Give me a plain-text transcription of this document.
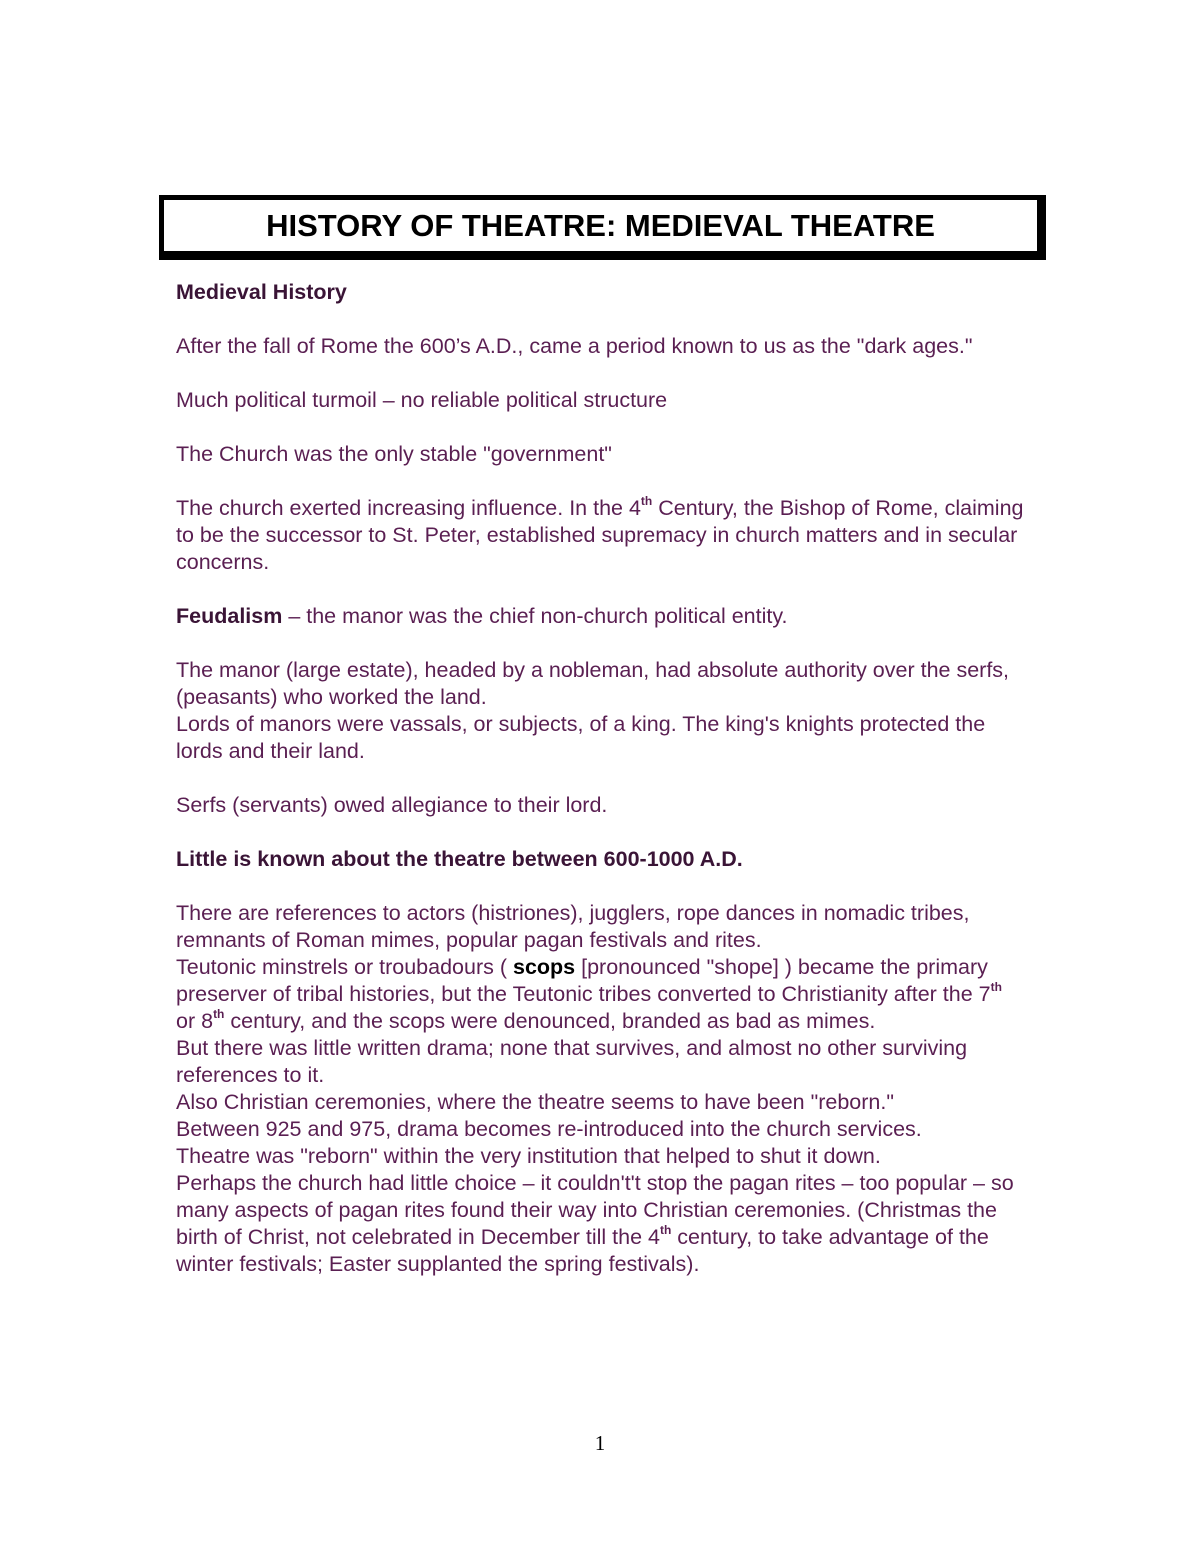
HISTORY OF THEATRE: MEDIEVAL THEATRE

Medieval History

After the fall of Rome the 600’s A.D., came a period known to us as the "dark ages."

Much political turmoil – no reliable political structure

The Church was the only stable "government"

The church exerted increasing influence. In the 4th Century, the Bishop of Rome, claiming to be the successor to St. Peter, established supremacy in church matters and in secular concerns.

Feudalism – the manor was the chief non-church political entity.

The manor (large estate), headed by a nobleman, had absolute authority over the serfs, (peasants) who worked the land.

Lords of manors were vassals, or subjects, of a king. The king's knights protected the lords and their land.

Serfs (servants) owed allegiance to their lord.

Little is known about the theatre between 600-1000 A.D.

There are references to actors (histriones), jugglers, rope dances in nomadic tribes, remnants of Roman mimes, popular pagan festivals and rites.

Teutonic minstrels or troubadours ( scops [pronounced "shope] ) became the primary preserver of tribal histories, but the Teutonic tribes converted to Christianity after the 7th or 8th century, and the scops were denounced, branded as bad as mimes.

But there was little written drama; none that survives, and almost no other surviving references to it.

Also Christian ceremonies, where the theatre seems to have been "reborn."

Between 925 and 975, drama becomes re-introduced into the church services.

Theatre was "reborn" within the very institution that helped to shut it down.

Perhaps the church had little choice – it couldn't't stop the pagan rites – too popular – so many aspects of pagan rites found their way into Christian ceremonies. (Christmas the birth of Christ, not celebrated in December till the 4th century, to take advantage of the winter festivals; Easter supplanted the spring festivals).

1
